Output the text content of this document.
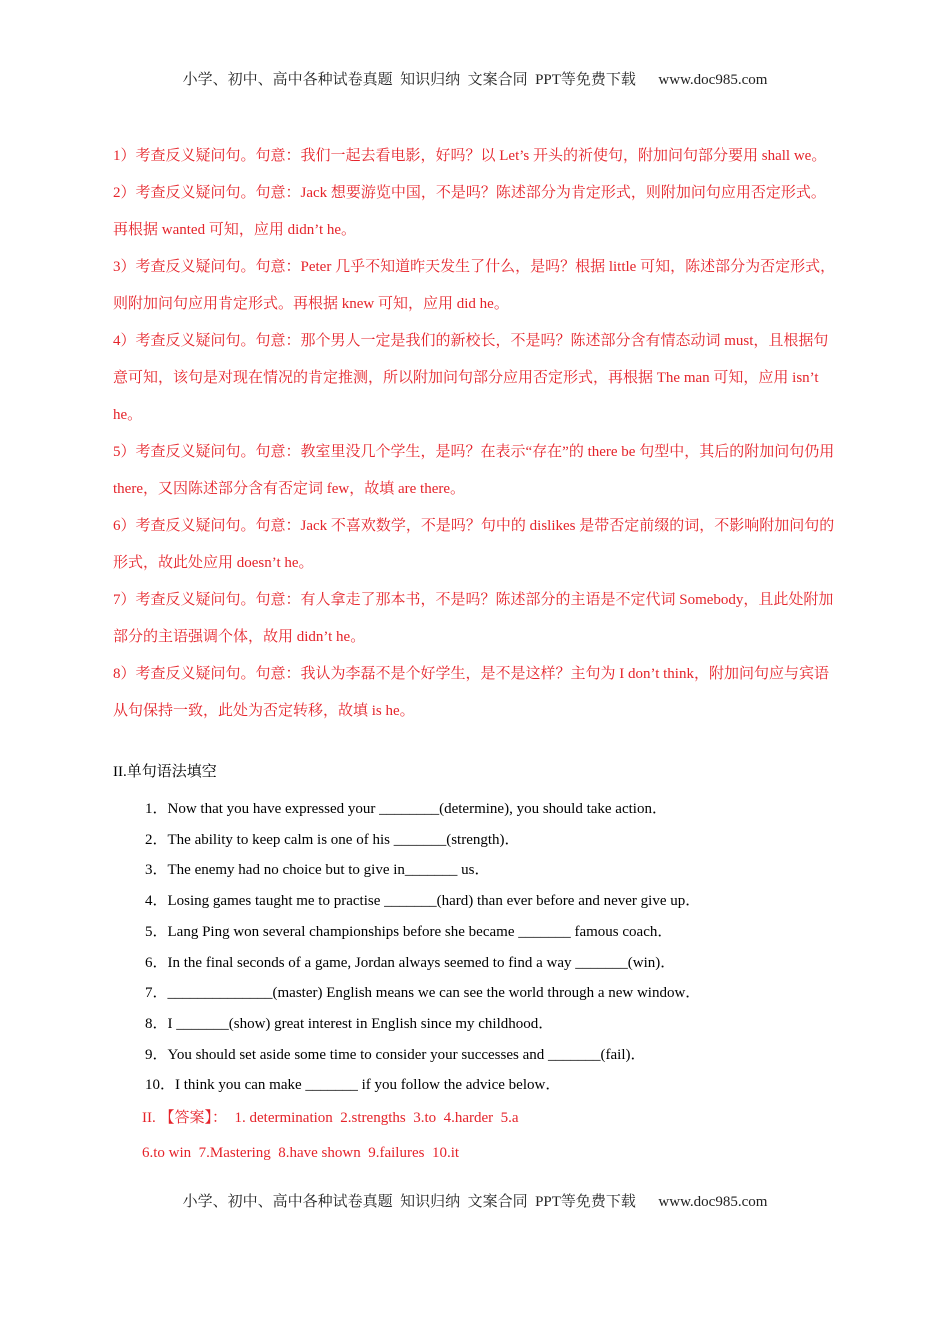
小学、初中、高中各种试卷真题  知识归纳  文案合同  PPT等免费下载      www.doc985.com

1）考查反义疑问句。句意：我们一起去看电影，好吗？以 Let’s 开头的祈使句，附加问句部分要用 shall we。

2）考查反义疑问句。句意：Jack 想要游览中国，不是吗？陈述部分为肯定形式，则附加问句应用否定形式。再根据 wanted 可知，应用 didn’t he。

3）考查反义疑问句。句意：Peter 几乎不知道昨天发生了什么，是吗？根据 little 可知，陈述部分为否定形式，则附加问句应用肯定形式。再根据 knew 可知，应用 did he。

4）考查反义疑问句。句意：那个男人一定是我们的新校长，不是吗？陈述部分含有情态动词 must，且根据句意可知，该句是对现在情况的肯定推测，所以附加问句部分应用否定形式，再根据 The man 可知，应用 isn’t he。

5）考查反义疑问句。句意：教室里没几个学生，是吗？在表示“存在”的 there be 句型中，其后的附加问句仍用 there，又因陈述部分含有否定词 few，故填 are there。

6）考查反义疑问句。句意：Jack 不喜欢数学，不是吗？句中的 dislikes 是带否定前缀的词，不影响附加问句的形式，故此处应用 doesn’t he。

7）考查反义疑问句。句意：有人拿走了那本书，不是吗？陈述部分的主语是不定代词 Somebody，且此处附加部分的主语强调个体，故用 didn’t he。

8）考查反义疑问句。句意：我认为李磊不是个好学生，是不是这样？主句为 I don’t think，附加问句应与宾语从句保持一致，此处为否定转移，故填 is he。

II.单句语法填空

1．Now that you have expressed your ________(determine), you should take action．

2．The ability to keep calm is one of his _______(strength)．

3．The enemy had no choice but to give in_______ us．

4．Losing games taught me to practise _______(hard) than ever before and never give up．

5．Lang Ping won several championships before she became _______ famous coach．

6．In the final seconds of a game, Jordan always seemed to find a way _______(win)．

7．______________(master) English means we can see the world through a new window．

8．I _______(show) great interest in English since my childhood．

9．You should set aside some time to consider your successes and _______(fail)．

10．I think you can make _______ if you follow the advice below．

II. 【答案】：  1. determination  2.strengths  3.to  4.harder  5.a

6.to win  7.Mastering  8.have shown  9.failures  10.it

小学、初中、高中各种试卷真题  知识归纳  文案合同  PPT等免费下载      www.doc985.com
